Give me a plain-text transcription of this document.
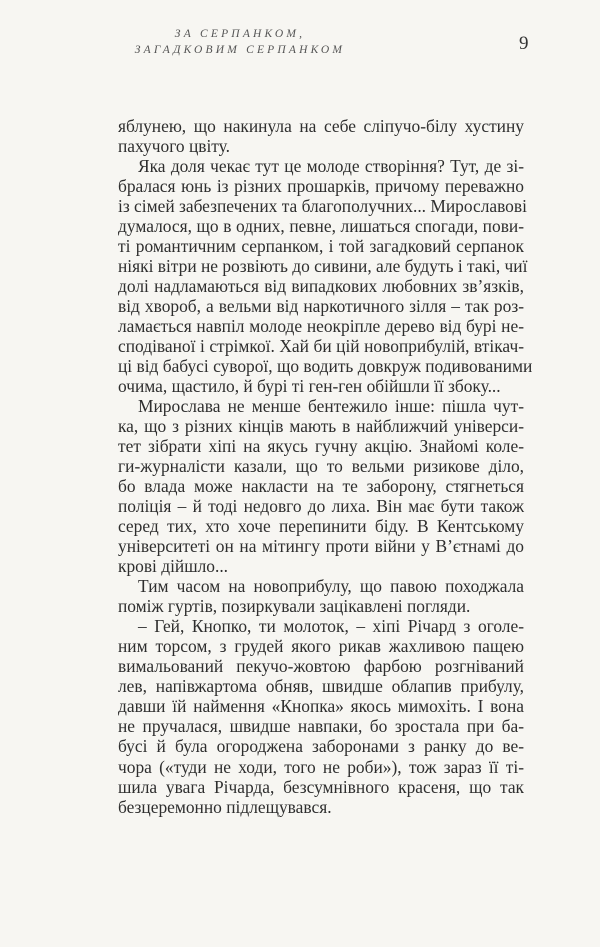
ЗА СЕРПАНКОМ,
ЗАГАДКОВИМ СЕРПАНКОМ	9
яблунею, що накинула на себе сліпучо-білу хустину
пахучого цвіту.
Яка доля чекає тут це молоде створіння? Тут, де зі-
бралася юнь із різних прошарків, причому переважно
із сімей забезпечених та благополучних... Мирославові
думалося, що в одних, певне, лишаться спогади, пови-
ті романтичним серпанком, і той загадковий серпанок
ніякі вітри не розвіють до сивини, але будуть і такі, чиї
долі надламаються від випадкових любовних зв’язків,
від хвороб, а вельми від наркотичного зілля – так роз-
ламається навпіл молоде неокріпле дерево від бурі не-
сподіваної і стрімкої. Хай би цій новоприбулій, втікач-
ці від бабусі суворої, що водить довкруж подивованими
очима, щастило, й бурі ті ген-ген обійшли її збоку...
Мирослава не менше бентежило інше: пішла чут-
ка, що з різних кінців мають в найближчий універси-
тет зібрати хіпі на якусь гучну акцію. Знайомі коле-
ги-журналісти казали, що то вельми ризикове діло,
бо влада може накласти на те заборону, стягнеться
поліція – й тоді недовго до лиха. Він має бути також
серед тих, хто хоче перепинити біду. В Кентському
університеті он на мітингу проти війни у В’єтнамі до
крові дійшло...
Тим часом на новоприбулу, що павою походжала
поміж гуртів, позиркували зацікавлені погляди.
– Гей, Кнопко, ти молоток, – хіпі Річард з оголе-
ним торсом, з грудей якого рикав жахливою пащею
вимальований пекучо-жовтою фарбою розгніваний
лев, напівжартома обняв, швидше облапив прибулу,
давши їй наймення «Кнопка» якось мимохіть. І вона
не пручалася, швидше навпаки, бо зростала при ба-
бусі й була огороджена заборонами з ранку до ве-
чора («туди не ходи, того не роби»), тож зараз її ті-
шила увага Річарда, безсумнівного красеня, що так
безцеремонно підлещувався.
